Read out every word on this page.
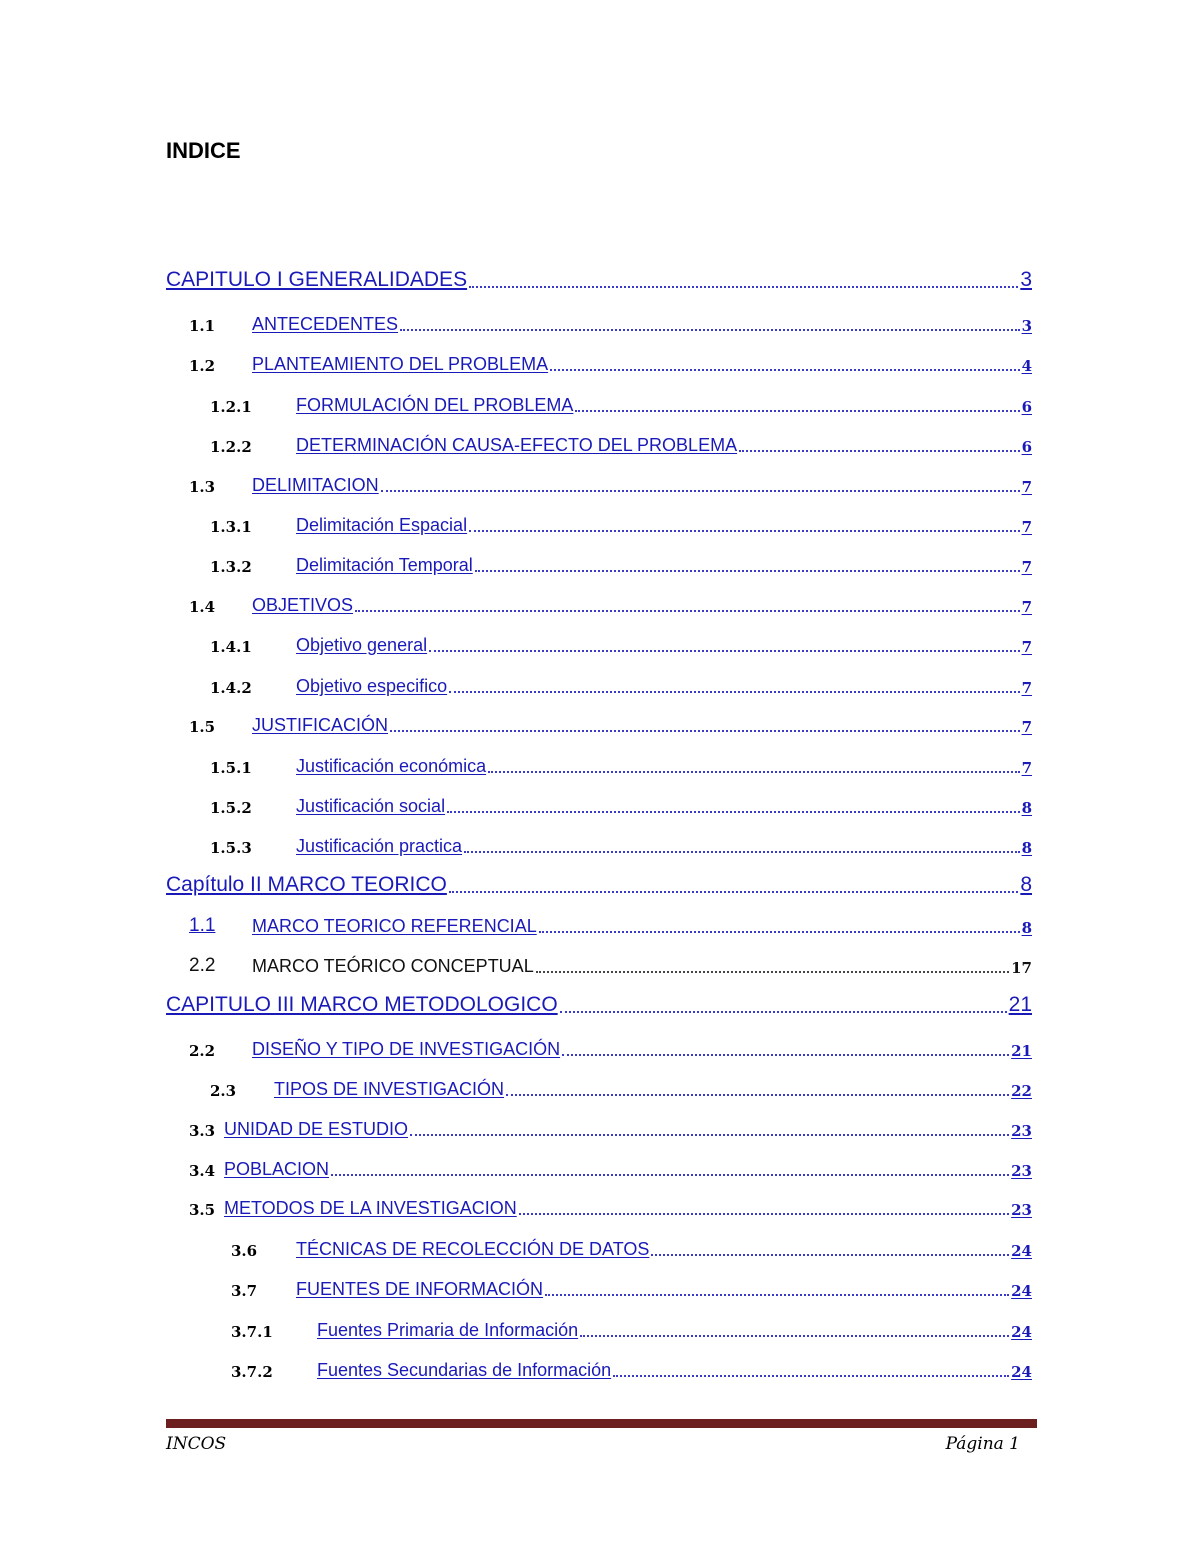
INDICE
CAPITULO I GENERALIDADES	3
1.1	ANTECEDENTES	3
1.2	PLANTEAMIENTO DEL PROBLEMA	4
1.2.1	FORMULACIÓN DEL PROBLEMA	6
1.2.2	DETERMINACIÓN CAUSA-EFECTO DEL PROBLEMA	6
1.3	DELIMITACION	7
1.3.1	Delimitación Espacial	7
1.3.2	Delimitación Temporal	7
1.4	OBJETIVOS	7
1.4.1	Objetivo general	7
1.4.2	Objetivo especifico	7
1.5	JUSTIFICACIÓN	7
1.5.1	Justificación económica	7
1.5.2	Justificación social	8
1.5.3	Justificación practica	8
Capítulo II MARCO TEORICO	8
1.1	MARCO TEORICO REFERENCIAL	8
2.2	MARCO TEÓRICO CONCEPTUAL	17
CAPITULO III MARCO METODOLOGICO	21
2.2	DISEÑO Y TIPO DE INVESTIGACIÓN	21
2.3	TIPOS DE INVESTIGACIÓN	22
3.3 UNIDAD DE ESTUDIO	23
3.4 POBLACION	23
3.5 METODOS DE LA INVESTIGACION	23
3.6	TÉCNICAS DE RECOLECCIÓN DE DATOS	24
3.7	FUENTES DE INFORMACIÓN	24
3.7.1	Fuentes Primaria de Información	24
3.7.2	Fuentes Secundarias de Información	24
INCOS	Página 1
